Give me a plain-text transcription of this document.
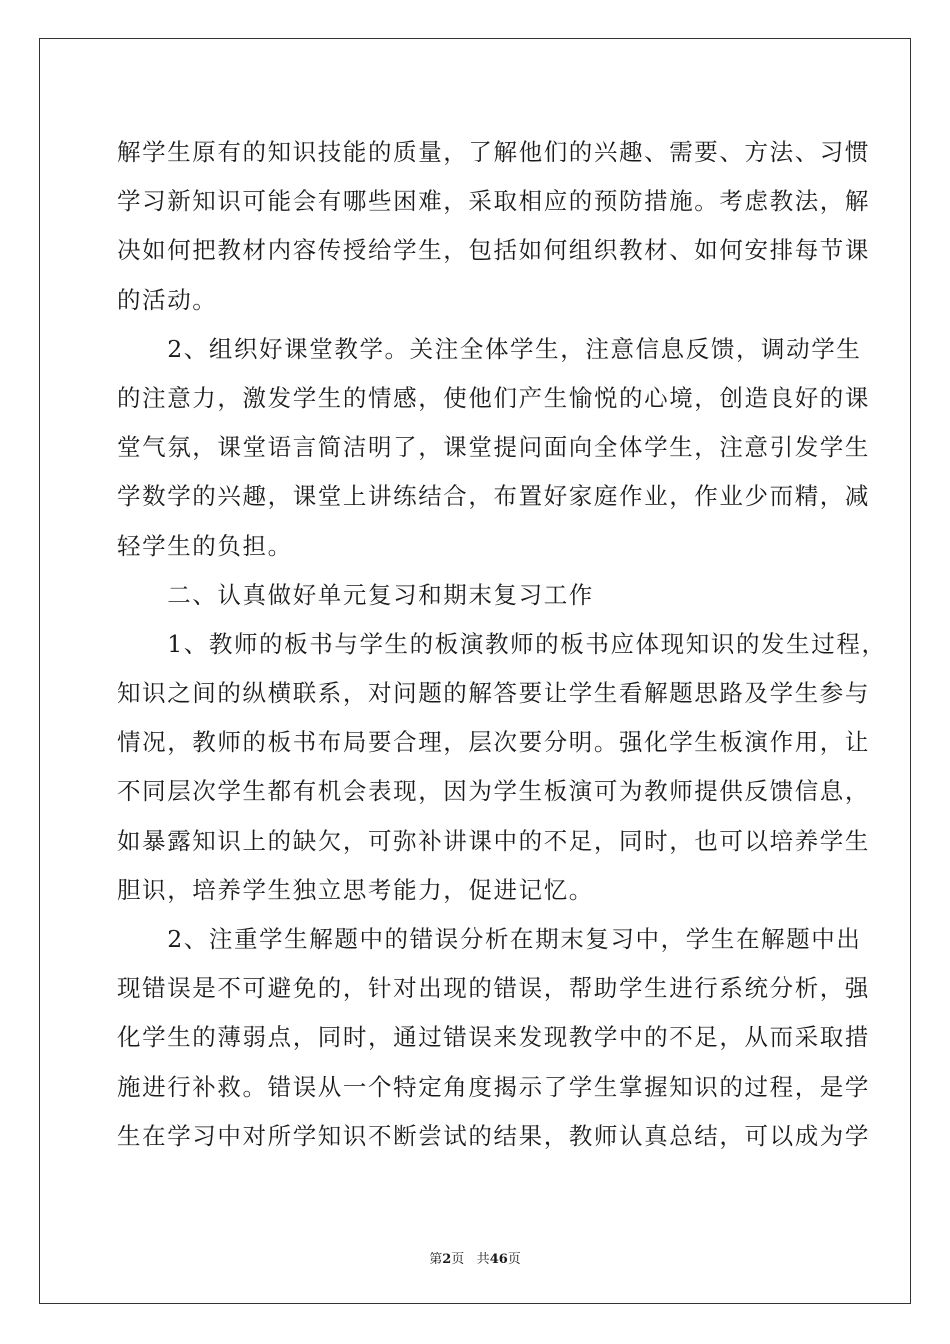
解学生原有的知识技能的质量，了解他们的兴趣、需要、方法、习惯
学习新知识可能会有哪些困难，采取相应的预防措施。考虑教法，解
决如何把教材内容传授给学生，包括如何组织教材、如何安排每节课
的活动。
　　2、组织好课堂教学。关注全体学生，注意信息反馈，调动学生
的注意力，激发学生的情感，使他们产生愉悦的心境，创造良好的课
堂气氛，课堂语言简洁明了，课堂提问面向全体学生，注意引发学生
学数学的兴趣，课堂上讲练结合，布置好家庭作业，作业少而精，减
轻学生的负担。
　　二、认真做好单元复习和期末复习工作
　　1、教师的板书与学生的板演教师的板书应体现知识的发生过程，
知识之间的纵横联系，对问题的解答要让学生看解题思路及学生参与
情况，教师的板书布局要合理，层次要分明。强化学生板演作用，让
不同层次学生都有机会表现，因为学生板演可为教师提供反馈信息，
如暴露知识上的缺欠，可弥补讲课中的不足，同时，也可以培养学生
胆识，培养学生独立思考能力，促进记忆。
　　2、注重学生解题中的错误分析在期末复习中，学生在解题中出
现错误是不可避免的，针对出现的错误，帮助学生进行系统分析，强
化学生的薄弱点，同时，通过错误来发现教学中的不足，从而采取措
施进行补救。错误从一个特定角度揭示了学生掌握知识的过程，是学
生在学习中对所学知识不断尝试的结果，教师认真总结，可以成为学
第2页 共46页
